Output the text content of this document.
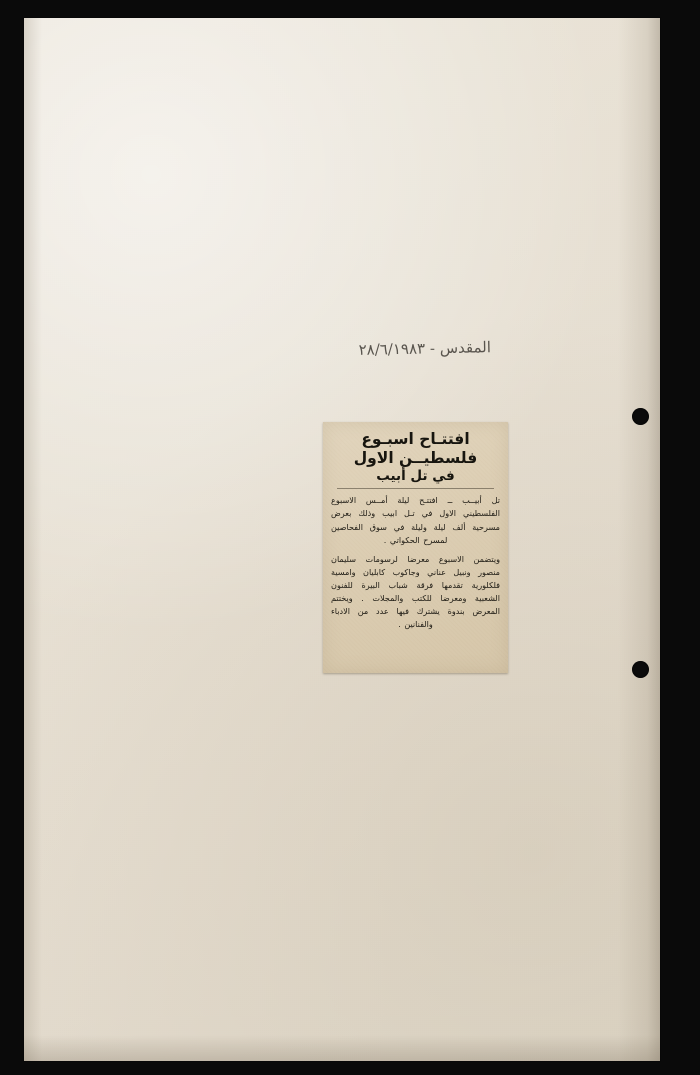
المقدس - ٢٨/٦/١٩٨٣
افتتـاح اسبـوع
فلسطيــن الاول
في تل أبيب
تل أبيــب ــ افتتـح ليلة أمــس الاسبوع الفلسطيني الاول في تـل ابيب وذلك بعرض مسرحية ألف ليلة وليلة في سوق الفحاصين لمسرح الحكواتي .
ويتضمن الاسبوع معرضا لرسومات سليمان منصور ونبيل عناني وجاكوب كابليان وامسية فلكلورية تقدمها فرقة شباب البيرة للفنون الشعبية ومعرضا للكتب والمجلات . ويختتم المعرض بندوة يشترك فيها عدد من الادباء والفنانين .
